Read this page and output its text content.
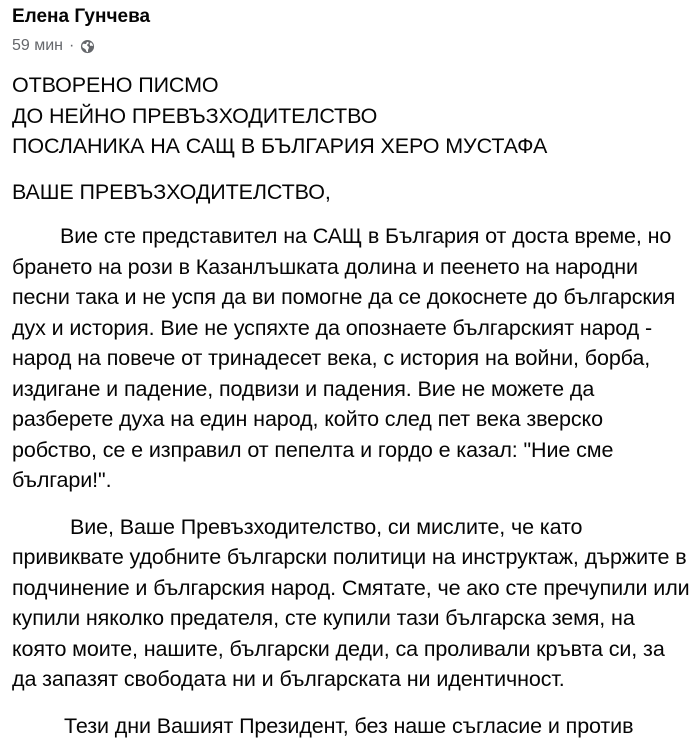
Елена Гунчева
59 мин ·
ОТВОРЕНО ПИСМО
ДО НЕЙНО ПРЕВЪЗХОДИТЕЛСТВО
ПОСЛАНИКА НА САЩ В БЪЛГАРИЯ ХЕРО МУСТАФА

ВАШЕ ПРЕВЪЗХОДИТЕЛСТВО,

Вие сте представител на САЩ в България от доста време, но брането на рози в Казанлъшката долина и пеенето на народни песни така и не успя да ви помогне да се докоснете до българския дух и история. Вие не успяхте да опознаете българският народ - народ на повече от тринадесет века, с история на войни, борба, издигане и падение, подвизи и падения. Вие не можете да разберете духа на един народ, който след пет века зверско робство, се е изправил от пепелта и гордо е казал: "Ние сме българи!".

Вие, Ваше Превъзходителство, си мислите, че като привиквате удобните български политици на инструктаж, държите в подчинение и българския народ. Смятате, че ако сте пречупили или купили няколко предателя, сте купили тази българска земя, на която моите, нашите, български деди, са проливали кръвта си, за да запазят свободата ни и българската ни идентичност.

Тези дни Вашият Президент, без наше съгласие и против
